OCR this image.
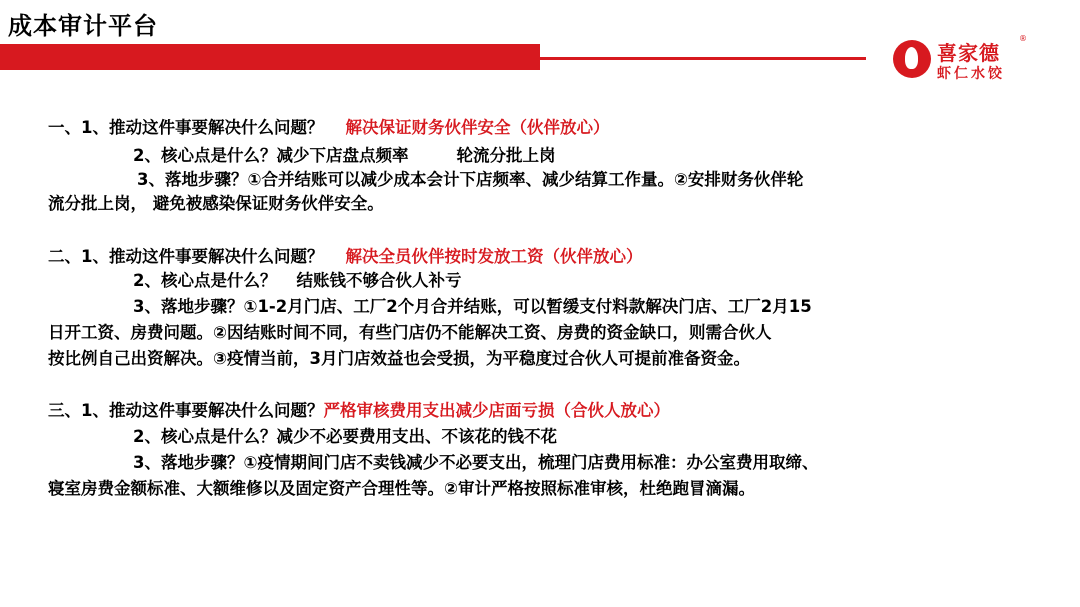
成本审计平台
喜家德
®
虾仁水饺
一、1、推动这件事要解决什么问题？ 解决保证财务伙伴安全（伙伴放心）
2、核心点是什么？减少下店盘点频率	轮流分批上岗
3、落地步骤？①合并结账可以减少成本会计下店频率、减少结算工作量。②安排财务伙伴轮
流分批上岗， 避免被感染保证财务伙伴安全。
二、1、推动这件事要解决什么问题？ 解决全员伙伴按时发放工资（伙伴放心）
2、核心点是什么？ 结账钱不够合伙人补亏
3、落地步骤？①1-2月门店、工厂2个月合并结账，可以暂缓支付料款解决门店、工厂2月15
日开工资、房费问题。②因结账时间不同，有些门店仍不能解决工资、房费的资金缺口，则需合伙人
按比例自己出资解决。③疫情当前，3月门店效益也会受损，为平稳度过合伙人可提前准备资金。
三、1、推动这件事要解决什么问题？严格审核费用支出减少店面亏损（合伙人放心）
2、核心点是什么？减少不必要费用支出、不该花的钱不花
3、落地步骤？①疫情期间门店不卖钱减少不必要支出，梳理门店费用标准：办公室费用取缔、
寝室房费金额标准、大额维修以及固定资产合理性等。②审计严格按照标准审核，杜绝跑冒滴漏。
